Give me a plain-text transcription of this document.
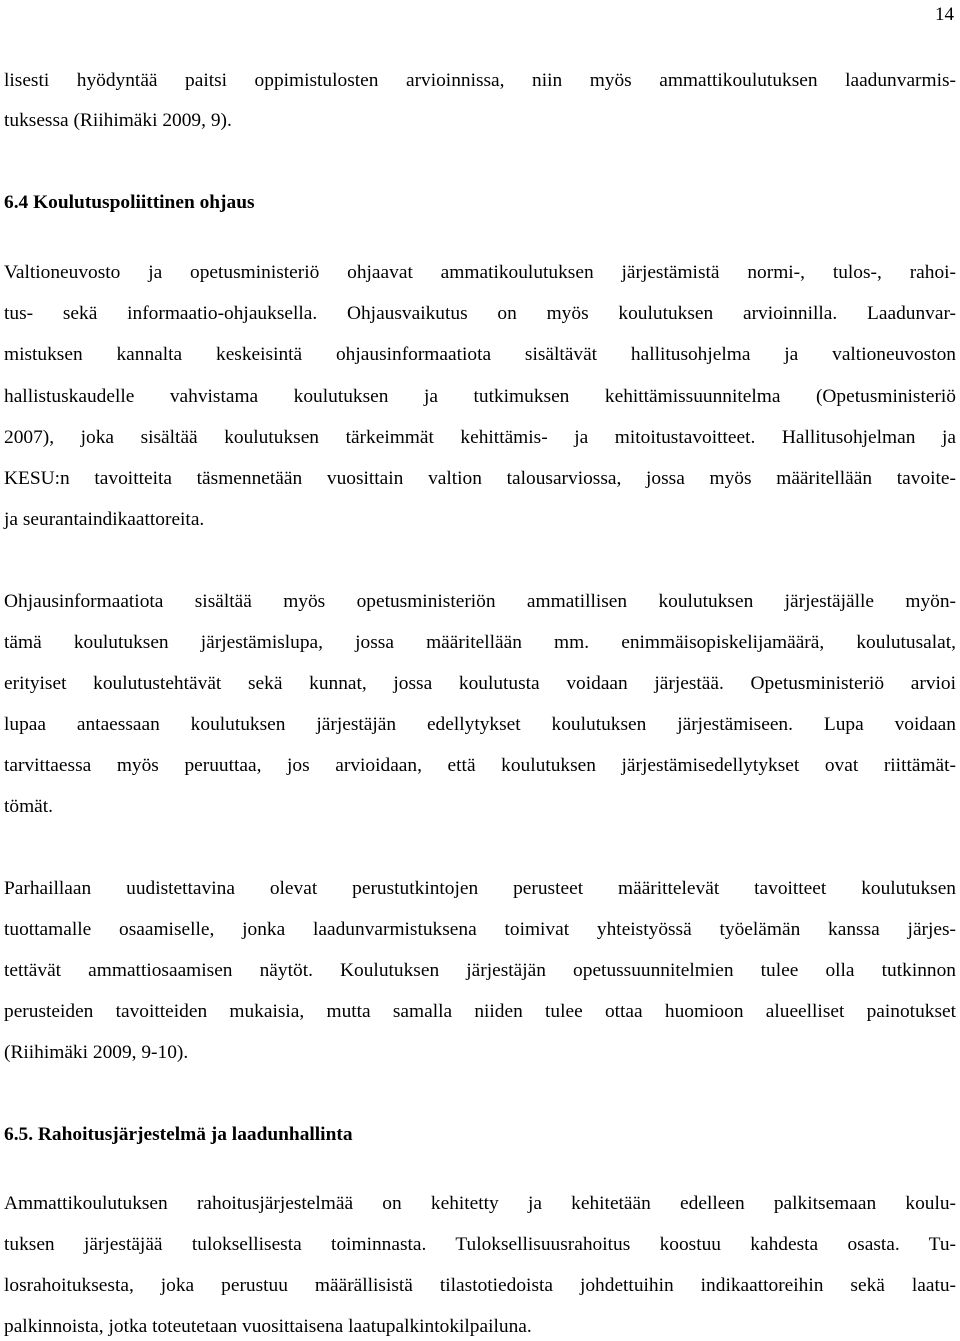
14
lisesti hyödyntää paitsi oppimistulosten arvioinnissa, niin myös ammattikoulutuksen laadunvarmis-
tuksessa (Riihimäki 2009, 9).
6.4 Koulutuspoliittinen ohjaus
Valtioneuvosto ja opetusministeriö ohjaavat ammatikoulutuksen järjestämistä normi-, tulos-, rahoi-
tus- sekä informaatio-ohjauksella. Ohjausvaikutus on myös koulutuksen arvioinnilla. Laadunvar-
mistuksen kannalta keskeisintä ohjausinformaatiota sisältävät hallitusohjelma ja valtioneuvoston
hallistuskaudelle vahvistama koulutuksen ja tutkimuksen kehittämissuunnitelma (Opetusministeriö
2007), joka sisältää koulutuksen tärkeimmät kehittämis- ja mitoitustavoitteet. Hallitusohjelman ja
KESU:n tavoitteita täsmennetään vuosittain valtion talousarviossa, jossa myös määritellään tavoite-
ja seurantaindikaattoreita.
Ohjausinformaatiota sisältää myös opetusministeriön ammatillisen koulutuksen järjestäjälle myön-
tämä koulutuksen järjestämislupa, jossa määritellään mm. enimmäisopiskelijamäärä, koulutusalat,
erityiset koulutustehtävät sekä kunnat, jossa koulutusta voidaan järjestää. Opetusministeriö arvioi
lupaa antaessaan koulutuksen järjestäjän edellytykset koulutuksen järjestämiseen. Lupa voidaan
tarvittaessa myös peruuttaa, jos arvioidaan, että koulutuksen järjestämisedellytykset ovat riittämät-
tömät.
Parhaillaan uudistettavina olevat perustutkintojen perusteet määrittelevät tavoitteet koulutuksen
tuottamalle osaamiselle, jonka laadunvarmistuksena toimivat yhteistyössä työelämän kanssa järjes-
tettävät ammattiosaamisen näytöt. Koulutuksen järjestäjän opetussuunnitelmien tulee olla tutkinnon
perusteiden tavoitteiden mukaisia, mutta samalla niiden tulee ottaa huomioon alueelliset painotukset
(Riihimäki 2009, 9-10).
6.5. Rahoitusjärjestelmä ja laadunhallinta
Ammattikoulutuksen rahoitusjärjestelmää on kehitetty ja kehitetään edelleen palkitsemaan koulu-
tuksen järjestäjää tuloksellisesta toiminnasta. Tuloksellisuusrahoitus koostuu kahdesta osasta. Tu-
losrahoituksesta, joka perustuu määrällisistä tilastotiedoista johdettuihin indikaattoreihin sekä laatu-
palkinnoista, jotka toteutetaan vuosittaisena laatupalkintokilpailuna.
